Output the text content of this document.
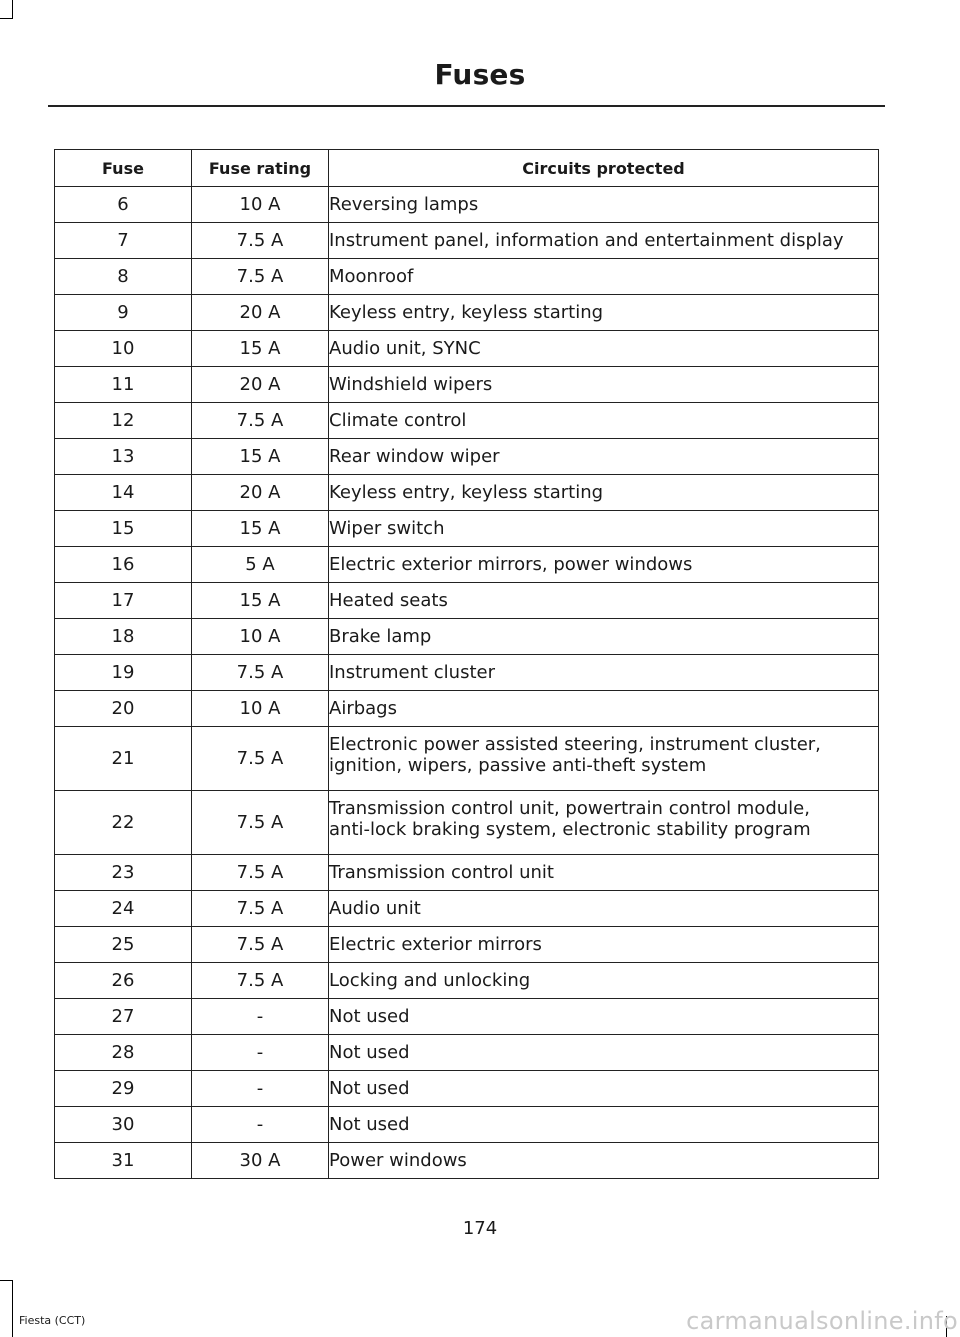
Fuses
Fuse	Fuse rating	Circuits protected
6	10 A	Reversing lamps
7	7.5 A	Instrument panel, information and entertainment display
8	7.5 A	Moonroof
9	20 A	Keyless entry, keyless starting
10	15 A	Audio unit, SYNC
11	20 A	Windshield wipers
12	7.5 A	Climate control
13	15 A	Rear window wiper
14	20 A	Keyless entry, keyless starting
15	15 A	Wiper switch
16	5 A	Electric exterior mirrors, power windows
17	15 A	Heated seats
18	10 A	Brake lamp
19	7.5 A	Instrument cluster
20	10 A	Airbags
21	7.5 A	Electronic power assisted steering, instrument cluster,
ignition, wipers, passive anti-theft system

22	7.5 A	Transmission control unit, powertrain control module,
anti-lock braking system, electronic stability program

23	7.5 A	Transmission control unit
24	7.5 A	Audio unit
25	7.5 A	Electric exterior mirrors
26	7.5 A	Locking and unlocking
27	-	Not used
28	-	Not used
29	-	Not used
30	-	Not used
31	30 A	Power windows
174
Fiesta (CCT)	carmanualsonline.info
